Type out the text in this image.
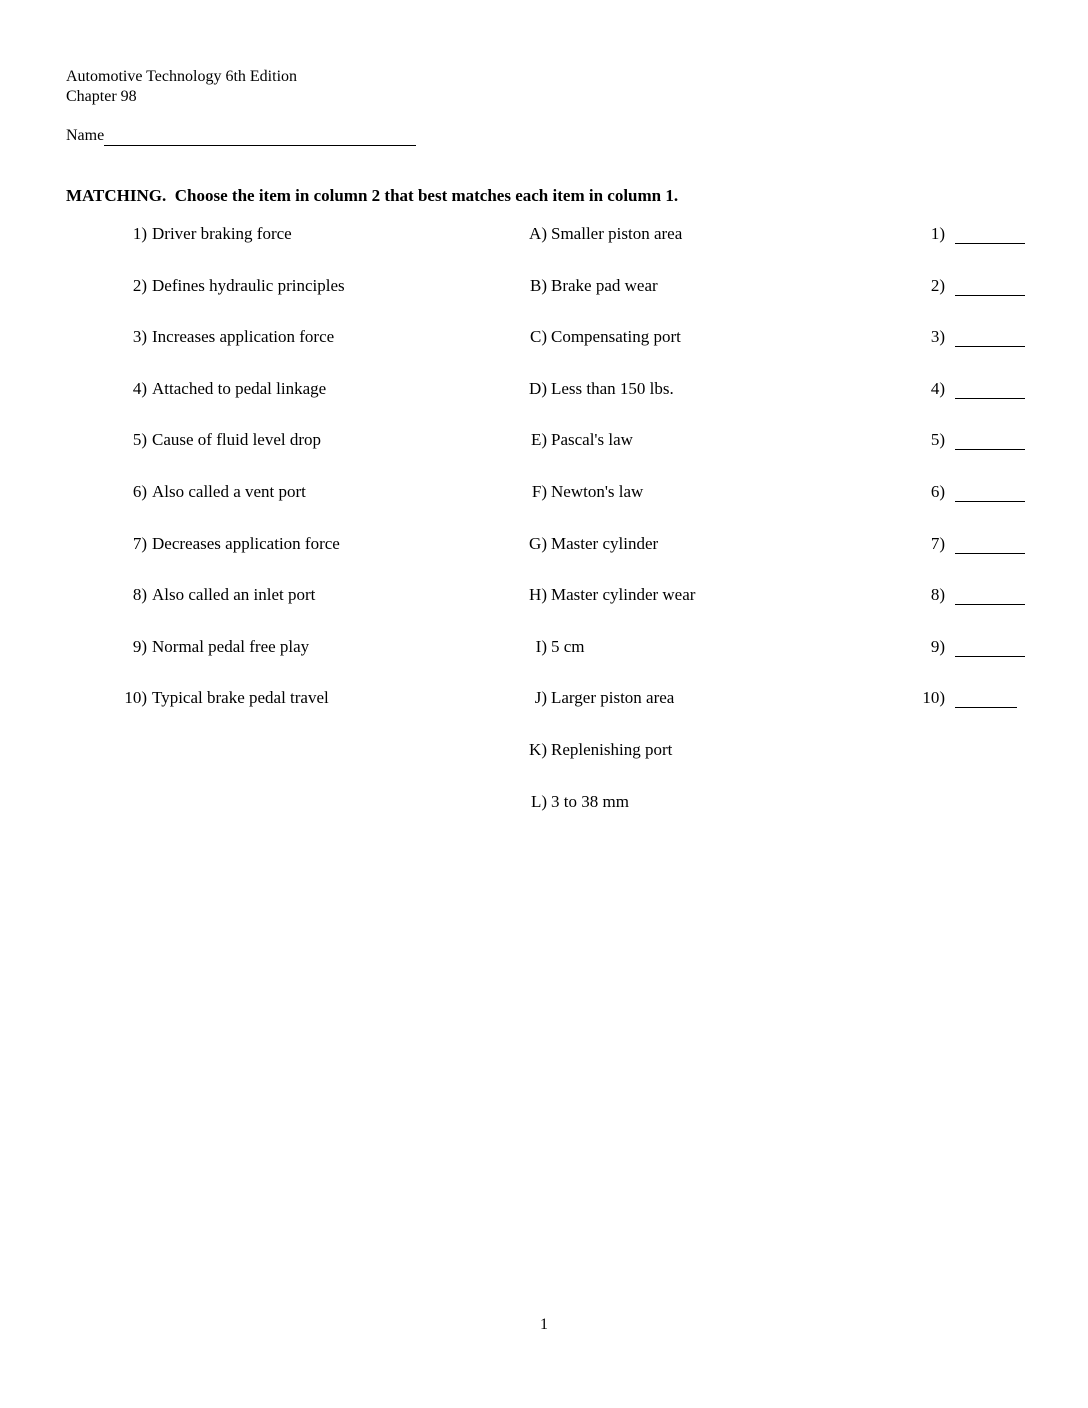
Automotive Technology 6th Edition
Chapter 98
Name
MATCHING.  Choose the item in column 2 that best matches each item in column 1.
1) Driver braking force	A) Smaller piston area	1)
2) Defines hydraulic principles	B) Brake pad wear	2)
3) Increases application force	C) Compensating port	3)
4) Attached to pedal linkage	D) Less than 150 lbs.	4)
5) Cause of fluid level drop	E) Pascal's law	5)
6) Also called a vent port	F) Newton's law	6)
7) Decreases application force	G) Master cylinder	7)
8) Also called an inlet port	H) Master cylinder wear	8)
9) Normal pedal free play	I) 5 cm	9)
10) Typical brake pedal travel	J) Larger piston area	10)
K) Replenishing port
L) 3 to 38 mm
1
